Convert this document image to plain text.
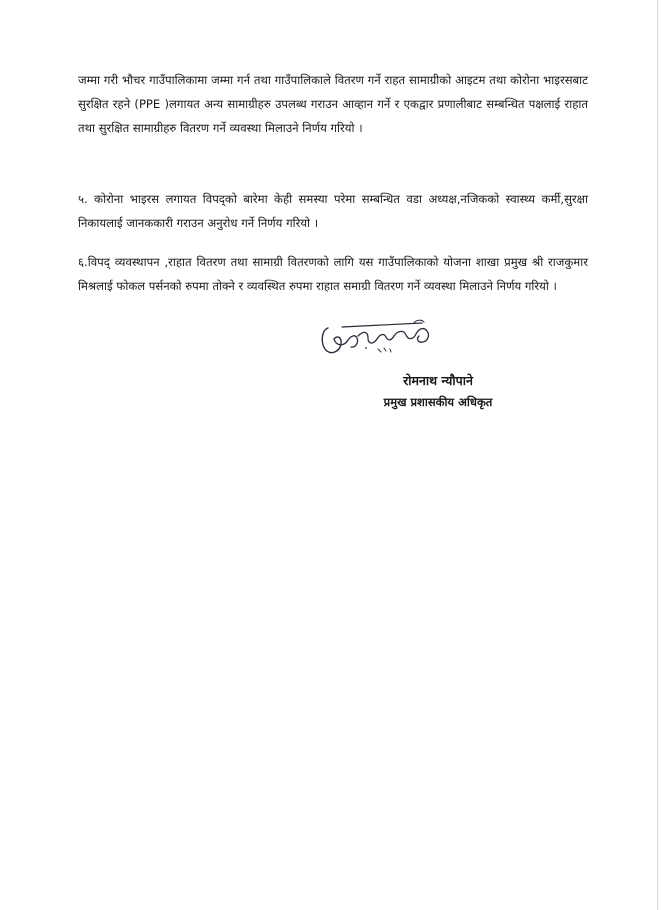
जम्मा गरी भौचर गाउँपालिकामा जम्मा गर्न तथा गाउँपालिकाले वितरण गर्ने राहत सामाग्रीको आइटम तथा कोरोना भाइरसबाट सुरक्षित रहने (PPE )लगायत अन्य सामाग्रीहरु उपलब्ध गराउन आव्हान गर्ने र एकद्वार प्रणालीबाट सम्बन्धित पक्षलाई राहात तथा सुरक्षित सामाग्रीहरु वितरण गर्ने व्यवस्था मिलाउने निर्णय गरियो ।

५. कोरोना भाइरस लगायत विपद्को बारेमा केही समस्या परेमा सम्बन्धित वडा अध्यक्ष,नजिकको स्वास्थ्य कर्मी,सुरक्षा निकायलाई जानककारी गराउन अनुरोध गर्ने निर्णय गरियो ।

६.विपद् व्यवस्थापन ,राहात वितरण तथा सामाग्री वितरणको लागि यस गाउँपालिकाको योजना शाखा प्रमुख श्री राजकुमार मिश्रलाई फोकल पर्सनको रुपमा तोक्ने र व्यवस्थित रुपमा राहात समाग्री वितरण गर्ने व्यवस्था मिलाउने निर्णय गरियो ।

रोमनाथ न्यौपाने
प्रमुख प्रशासकीय अधिकृत
